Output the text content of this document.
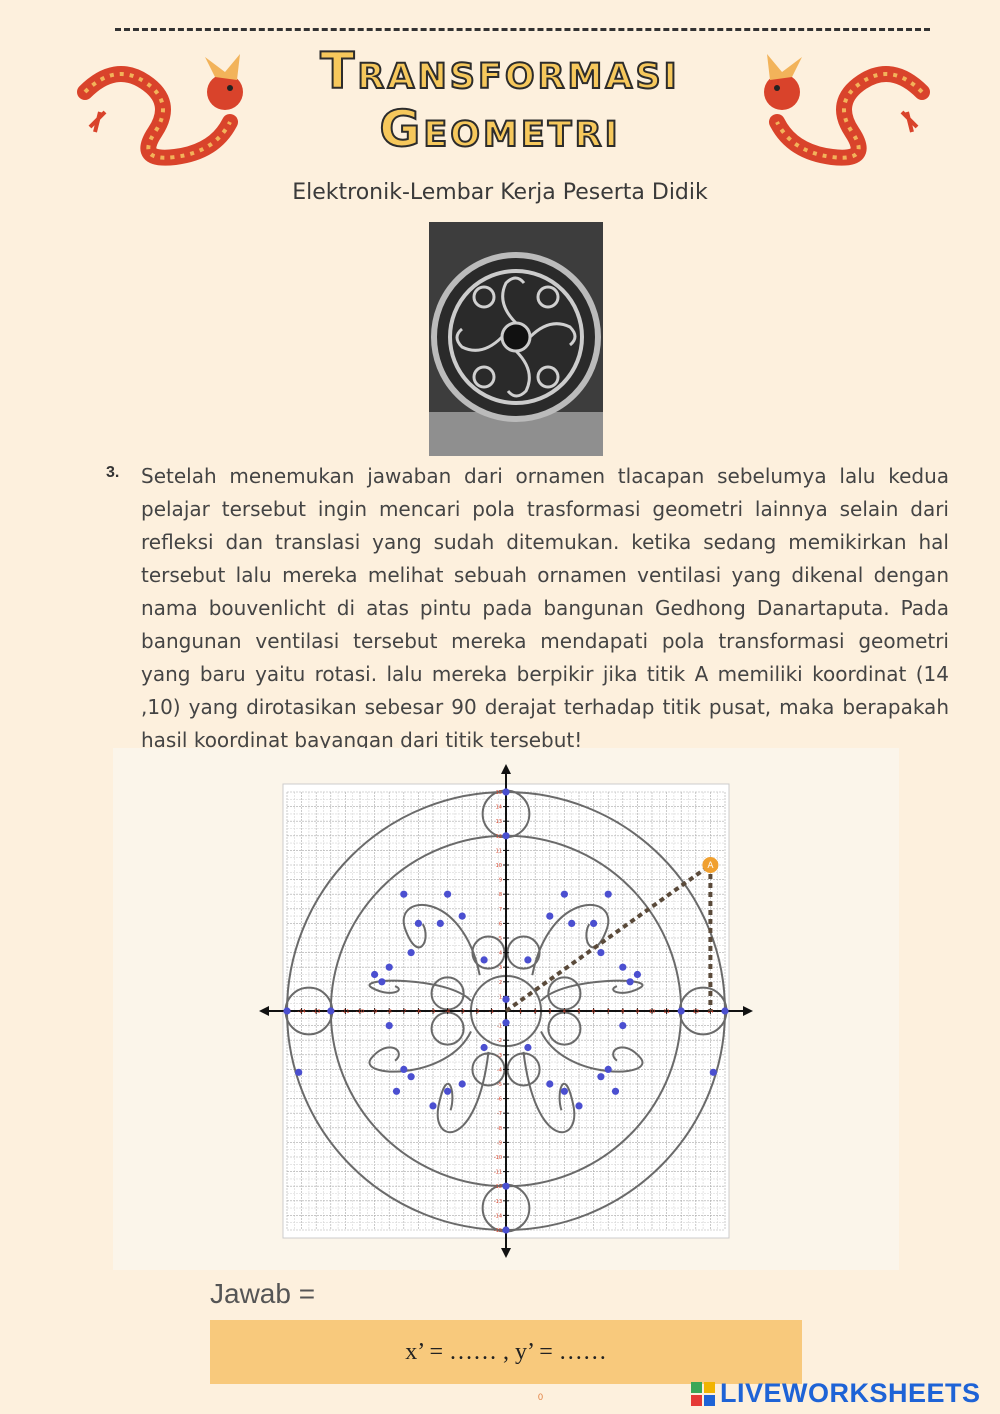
Transformasi
Geometri
Elektronik-Lembar Kerja Peserta Didik
3. Setelah menemukan jawaban dari ornamen tlacapan sebelumya lalu kedua pelajar tersebut ingin mencari pola trasformasi geometri lainnya selain dari refleksi dan translasi yang sudah ditemukan. ketika sedang memikirkan hal tersebut lalu mereka melihat sebuah ornamen ventilasi yang dikenal dengan nama bouvenlicht di atas pintu pada bangunan Gedhong Danartaputa. Pada bangunan ventilasi tersebut mereka mendapati pola transformasi geometri yang baru yaitu rotasi. lalu mereka berpikir jika titik A memiliki koordinat (14 ,10) yang dirotasikan sebesar 90 derajat terhadap titik pusat, maka berapakah hasil koordinat bayangan dari titik tersebut!
-14 -13	-11 -10 -9 -8 -7 -6 -5 -4 -3 -2 -1	1 2 3 4 5 6 7 8 9 10 11	13 14
-15
-14
-13
-12
-11
-10
-9
-8
-7
-6
-5
-4
-3
-2
-1
1
2
3
4
5
6
7
8
9
10
11
12
13
14
15
A
Jawab =
x’ = …… , y’ = ……
0	LIVEWORKSHEETS
